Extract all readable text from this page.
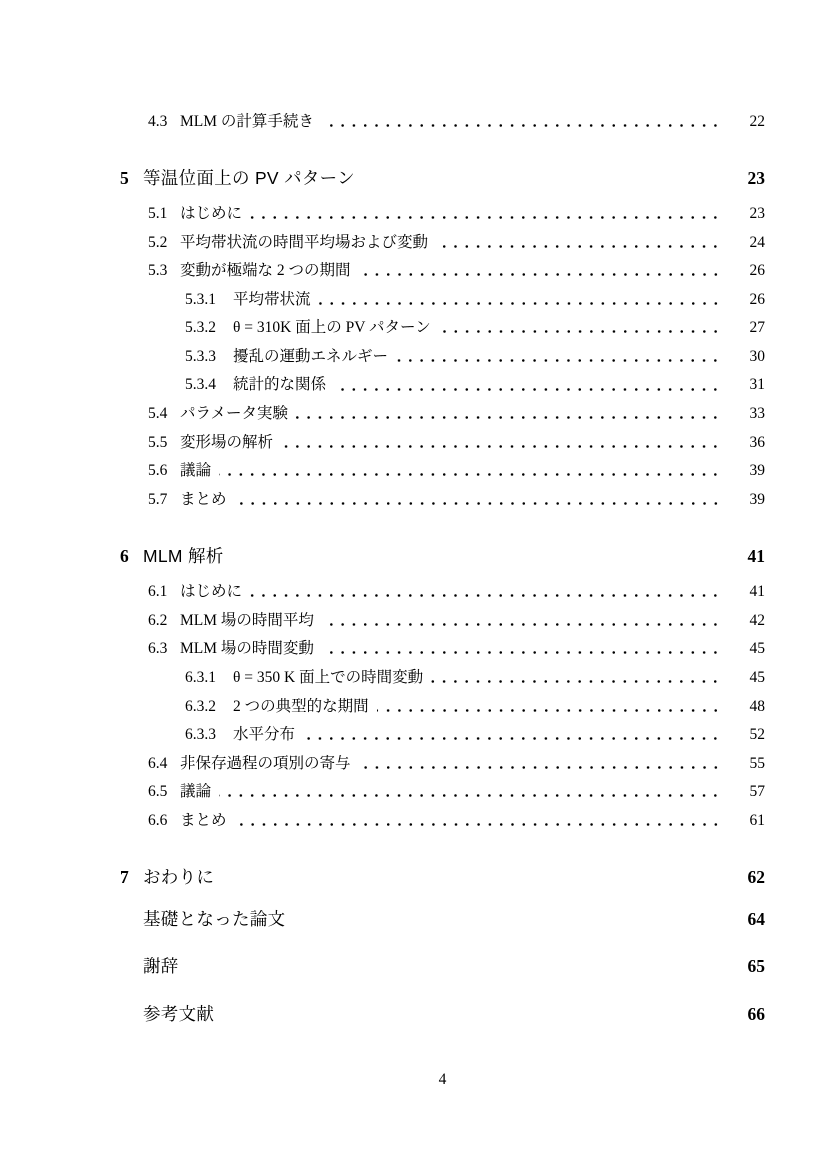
4.3 MLM の計算手続き	22
5 等温位面上の PV パターン	23
5.1 はじめに	23
5.2 平均帯状流の時間平均場および変動	24
5.3 変動が極端な 2 つの期間	26
5.3.1	平均帯状流	26
5.3.2	θ = 310K 面上の PV パターン	27
5.3.3	擾乱の運動エネルギー	30
5.3.4	統計的な関係	31
5.4 パラメータ実験	33
5.5 変形場の解析	36
5.6 議論	39
5.7 まとめ	39
6 MLM 解析	41
6.1 はじめに	41
6.2 MLM 場の時間平均	42
6.3 MLM 場の時間変動	45
6.3.1	θ = 350 K 面上での時間変動	45
6.3.2	2 つの典型的な期間	48
6.3.3	水平分布	52
6.4 非保存過程の項別の寄与	55
6.5 議論	57
6.6 まとめ	61
7 おわりに	62
基礎となった論文	64
謝辞	65
参考文献	66
4
